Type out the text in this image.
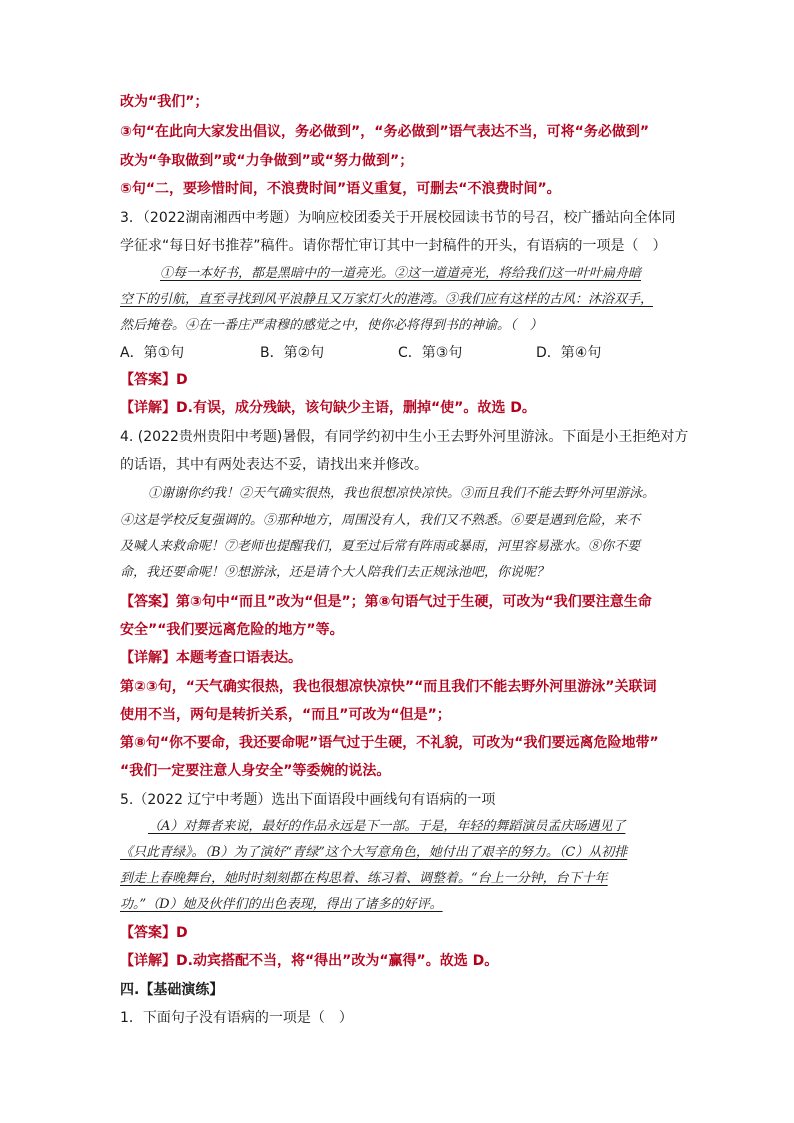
改为“我们”；
③句“在此向大家发出倡议，务必做到”，“务必做到”语气表达不当，可将“务必做到”
改为“争取做到”或“力争做到”或“努力做到”；
⑤句“二，要珍惜时间，不浪费时间”语义重复，可删去“不浪费时间”。
3．（2022湖南湘西中考题）为响应校团委关于开展校园读书节的号召，校广播站向全体同
学征求“每日好书推荐”稿件。请你帮忙审订其中一封稿件的开头，有语病的一项是（　）
①每一本好书，都是黑暗中的一道亮光。②这一道道亮光，将给我们这一叶叶扁舟暗
空下的引航，直至寻找到风平浪静且又万家灯火的港湾。③我们应有这样的古风：沐浴双手，
然后掩卷。④在一番庄严肃穆的感觉之中，使你必将得到书的神谕。（　）
A．第①句	B．第②句	C．第③句	D．第④句
【答案】D
【详解】D.有误，成分残缺，该句缺少主语，删掉“使”。故选 D。
4. (2022贵州贵阳中考题)暑假，有同学约初中生小王去野外河里游泳。下面是小王拒绝对方
的话语，其中有两处表达不妥，请找出来并修改。
①谢谢你约我！②天气确实很热，我也很想凉快凉快。③而且我们不能去野外河里游泳。
④这是学校反复强调的。⑤那种地方，周围没有人，我们又不熟悉。⑥要是遇到危险，来不
及喊人来救命呢！⑦老师也提醒我们，夏至过后常有阵雨或暴雨，河里容易涨水。⑧你不要
命，我还要命呢！⑨想游泳，还是请个大人陪我们去正规泳池吧，你说呢？
【答案】第③句中“而且”改为“但是”；第⑧句语气过于生硬，可改为“我们要注意生命
安全”“我们要远离危险的地方”等。
【详解】本题考查口语表达。
第②③句，“天气确实很热，我也很想凉快凉快”“而且我们不能去野外河里游泳”关联词
使用不当，两句是转折关系，“而且”可改为“但是”；
第⑧句“你不要命，我还要命呢”语气过于生硬，不礼貌，可改为“我们要远离危险地带”
“我们一定要注意人身安全”等委婉的说法。
5.（2022 辽宁中考题）选出下面语段中画线句有语病的一项
（A）对舞者来说，最好的作品永远是下一部。于是，年轻的舞蹈演员孟庆旸遇见了
《只此青绿》。（B）为了演好“青绿”这个大写意角色，她付出了艰辛的努力。（C）从初排
到走上春晚舞台，她时时刻刻都在构思着、练习着、调整着。“台上一分钟，台下十年
功。”（D）她及伙伴们的出色表现，得出了诸多的好评。
【答案】D
【详解】D.动宾搭配不当，将“得出”改为“赢得”。故选 D。
四.【基础演练】
1．下面句子没有语病的一项是（　）
